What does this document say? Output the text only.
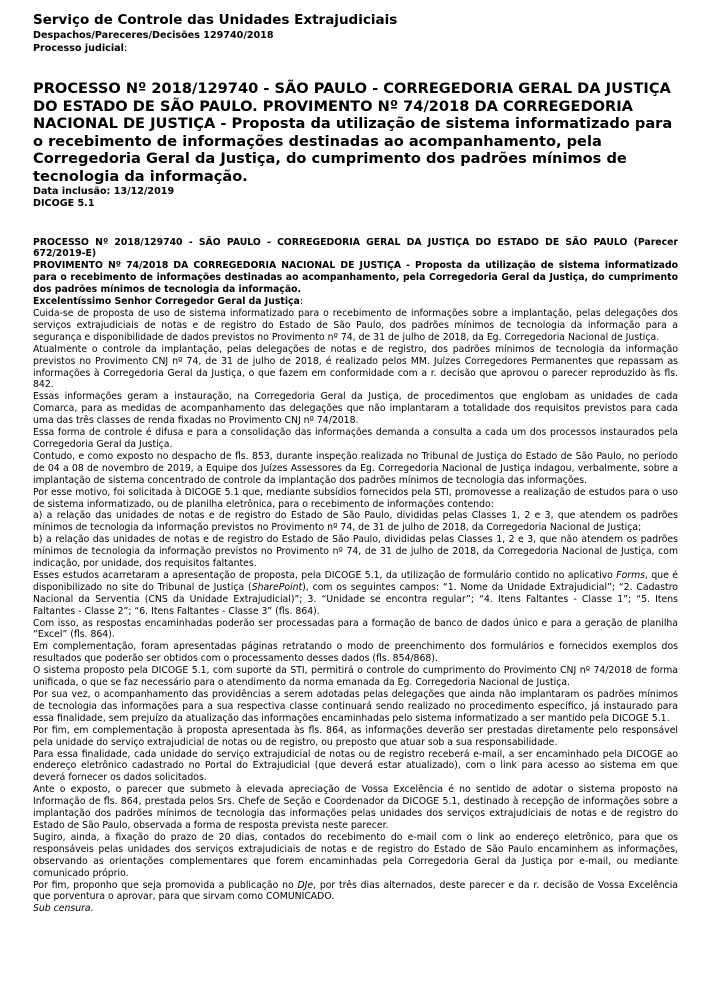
Serviço de Controle das Unidades Extrajudiciais
Despachos/Pareceres/Decisões 129740/2018
Processo judicial:
PROCESSO Nº 2018/129740 - SÃO PAULO - CORREGEDORIA GERAL DA JUSTIÇA DO ESTADO DE SÃO PAULO. PROVIMENTO Nº 74/2018 DA CORREGEDORIA NACIONAL DE JUSTIÇA - Proposta da utilização de sistema informatizado para o recebimento de informações destinadas ao acompanhamento, pela Corregedoria Geral da Justiça, do cumprimento dos padrões mínimos de tecnologia da informação.
Data inclusão: 13/12/2019
DICOGE 5.1

PROCESSO Nº 2018/129740 - SÃO PAULO - CORREGEDORIA GERAL DA JUSTIÇA DO ESTADO DE SÃO PAULO (Parecer 672/2019-E)

PROVIMENTO Nº 74/2018 DA CORREGEDORIA NACIONAL DE JUSTIÇA - Proposta da utilização de sistema informatizado para o recebimento de informações destinadas ao acompanhamento, pela Corregedoria Geral da Justiça, do cumprimento dos padrões mínimos de tecnologia da informação.

Excelentíssimo Senhor Corregedor Geral da Justiça:

Cuida-se de proposta de uso de sistema informatizado para o recebimento de informações sobre a implantação, pelas delegações dos serviços extrajudiciais de notas e de registro do Estado de São Paulo, dos padrões mínimos de tecnologia da informação para a segurança e disponibilidade de dados previstos no Provimento nº 74, de 31 de julho de 2018, da Eg. Corregedoria Nacional de Justiça.

Atualmente o controle da implantação, pelas delegações de notas e de registro, dos padrões mínimos de tecnologia da informação previstos no Provimento CNJ nº 74, de 31 de julho de 2018, é realizado pelos MM. Juízes Corregedores Permanentes que repassam as informações à Corregedoria Geral da Justiça, o que fazem em conformidade com a r. decisão que aprovou o parecer reproduzido às fls. 842.

Essas informações geram a instauração, na Corregedoria Geral da Justiça, de procedimentos que englobam as unidades de cada Comarca, para as medidas de acompanhamento das delegações que não implantaram a totalidade dos requisitos previstos para cada uma das três classes de renda fixadas no Provimento CNJ nº 74/2018.

Essa forma de controle é difusa e para a consolidação das informações demanda a consulta a cada um dos processos instaurados pela Corregedoria Geral da Justiça.

Contudo, e como exposto no despacho de fls. 853, durante inspeção realizada no Tribunal de Justiça do Estado de São Paulo, no período de 04 a 08 de novembro de 2019, a Equipe dos Juízes Assessores da Eg. Corregedoria Nacional de Justiça indagou, verbalmente, sobre a implantação de sistema concentrado de controle da implantação dos padrões mínimos de tecnologia das informações.

Por esse motivo, foi solicitada à DICOGE 5.1 que, mediante subsídios fornecidos pela STI, promovesse a realização de estudos para o uso de sistema informatizado, ou de planilha eletrônica, para o recebimento de informações contendo:

a) a relação das unidades de notas e de registro do Estado de São Paulo, divididas pelas Classes 1, 2 e 3, que atendem os padrões mínimos de tecnologia da informação previstos no Provimento nº 74, de 31 de julho de 2018, da Corregedoria Nacional de Justiça;

b) a relação das unidades de notas e de registro do Estado de São Paulo, divididas pelas Classes 1, 2 e 3, que não atendem os padrões mínimos de tecnologia da informação previstos no Provimento nº 74, de 31 de julho de 2018, da Corregedoria Nacional de Justiça, com indicação, por unidade, dos requisitos faltantes.

Esses estudos acarretaram a apresentação de proposta, pela DICOGE 5.1, da utilização de formulário contido no aplicativo Forms, que é disponibilizado no site do Tribunal de Justiça (SharePoint), com os seguintes campos: “1. Nome da Unidade Extrajudicial”; “2. Cadastro Nacional da Serventia (CNS da Unidade Extrajudicial)”; 3. “Unidade se encontra regular”; “4. Itens Faltantes - Classe 1”; “5. Itens Faltantes - Classe 2”; “6. Itens Faltantes - Classe 3” (fls. 864).

Com isso, as respostas encaminhadas poderão ser processadas para a formação de banco de dados único e para a geração de planilha “Excel” (fls. 864).

Em complementação, foram apresentadas páginas retratando o modo de preenchimento dos formulários e fornecidos exemplos dos resultados que poderão ser obtidos com o processamento desses dados (fls. 854/868).

O sistema proposto pela DICOGE 5.1, com suporte da STI, permitirá o controle do cumprimento do Provimento CNJ nº 74/2018 de forma unificada, o que se faz necessário para o atendimento da norma emanada da Eg. Corregedoria Nacional de Justiça.

Por sua vez, o acompanhamento das providências a serem adotadas pelas delegações que ainda não implantaram os padrões mínimos de tecnologia das informações para a sua respectiva classe continuará sendo realizado no procedimento específico, já instaurado para essa finalidade, sem prejuízo da atualização das informações encaminhadas pelo sistema informatizado a ser mantido pela DICOGE 5.1.

Por fim, em complementação à proposta apresentada às fls. 864, as informações deverão ser prestadas diretamente pelo responsável pela unidade do serviço extrajudicial de notas ou de registro, ou preposto que atuar sob a sua responsabilidade.

Para essa finalidade, cada unidade do serviço extrajudicial de notas ou de registro receberá e-mail, a ser encaminhado pela DICOGE ao endereço eletrônico cadastrado no Portal do Extrajudicial (que deverá estar atualizado), com o link para acesso ao sistema em que deverá fornecer os dados solicitados.

Ante o exposto, o parecer que submeto à elevada apreciação de Vossa Excelência é no sentido de adotar o sistema proposto na Informação de fls. 864, prestada pelos Srs. Chefe de Seção e Coordenador da DICOGE 5.1, destinado à recepção de informações sobre a implantação dos padrões mínimos de tecnologia das informações pelas unidades dos serviços extrajudiciais de notas e de registro do Estado de São Paulo, observada a forma de resposta prevista neste parecer.

Sugiro, ainda, a fixação do prazo de 20 dias, contados do recebimento do e-mail com o link ao endereço eletrônico, para que os responsáveis pelas unidades dos serviços extrajudiciais de notas e de registro do Estado de São Paulo encaminhem as informações, observando as orientações complementares que forem encaminhadas pela Corregedoria Geral da Justiça por e-mail, ou mediante comunicado próprio.

Por fim, proponho que seja promovida a publicação no DJe, por três dias alternados, deste parecer e da r. decisão de Vossa Excelência que porventura o aprovar, para que sirvam como COMUNICADO.

Sub censura.
